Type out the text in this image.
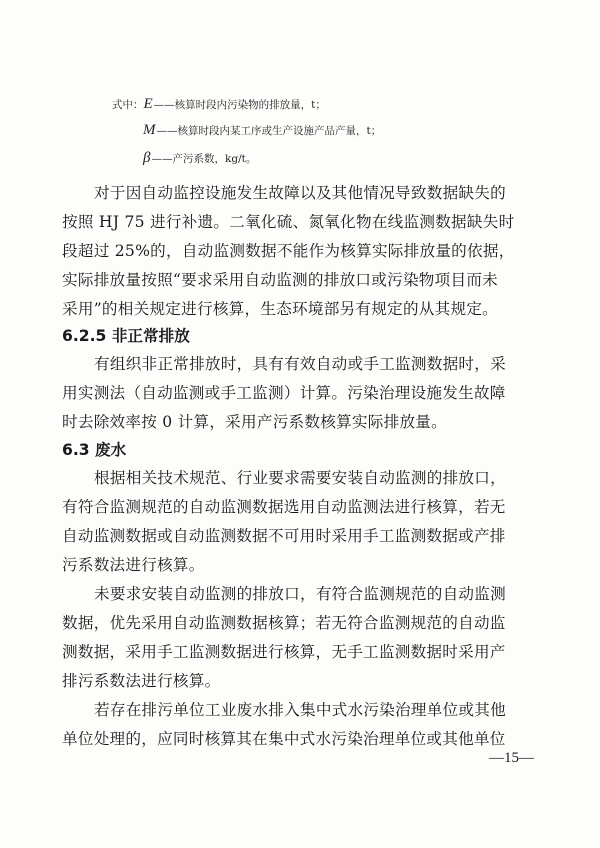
式中：E——核算时段内污染物的排放量，t；
M——核算时段内某工序或生产设施产品产量，t；
β——产污系数，kg/t。
对于因自动监控设施发生故障以及其他情况导致数据缺失的
按照 HJ 75 进行补遗。二氧化硫、氮氧化物在线监测数据缺失时
段超过 25%的，自动监测数据不能作为核算实际排放量的依据，
实际排放量按照“要求采用自动监测的排放口或污染物项目而未
采用”的相关规定进行核算，生态环境部另有规定的从其规定。
6.2.5 非正常排放
有组织非正常排放时，具有有效自动或手工监测数据时，采
用实测法（自动监测或手工监测）计算。污染治理设施发生故障
时去除效率按 0 计算，采用产污系数核算实际排放量。
6.3 废水
根据相关技术规范、行业要求需要安装自动监测的排放口，
有符合监测规范的自动监测数据选用自动监测法进行核算，若无
自动监测数据或自动监测数据不可用时采用手工监测数据或产排
污系数法进行核算。
未要求安装自动监测的排放口，有符合监测规范的自动监测
数据，优先采用自动监测数据核算；若无符合监测规范的自动监
测数据，采用手工监测数据进行核算，无手工监测数据时采用产
排污系数法进行核算。
若存在排污单位工业废水排入集中式水污染治理单位或其他
单位处理的，应同时核算其在集中式水污染治理单位或其他单位
—15—
